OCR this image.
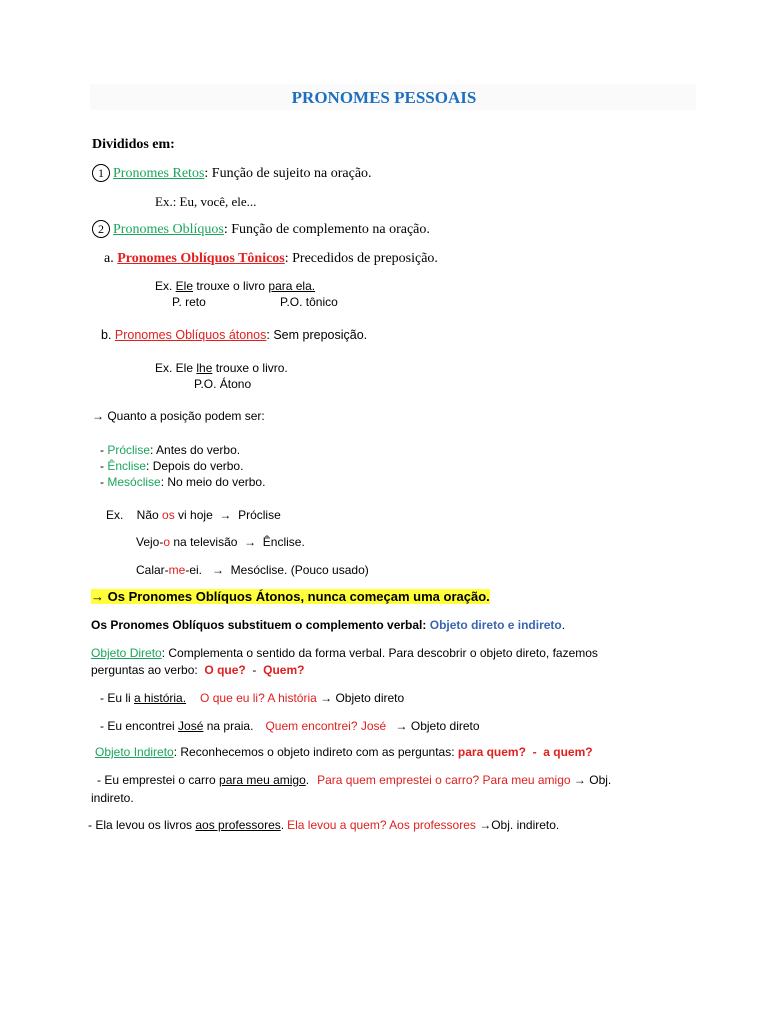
PRONOMES PESSOAIS
Divididos em:
1 Pronomes Retos: Função de sujeito na oração.
Ex.: Eu, você, ele...
2 Pronomes Oblíquos: Função de complemento na oração.
a. Pronomes Oblíquos Tônicos: Precedidos de preposição.
Ex. Ele trouxe o livro para ela.
P. reto	P.O. tônico
b. Pronomes Oblíquos átonos: Sem preposição.
Ex. Ele lhe trouxe o livro.
P.O. Átono
→ Quanto a posição podem ser:
- Próclise: Antes do verbo.
- Ênclise: Depois do verbo.
- Mesóclise: No meio do verbo.
Ex.    Não os vi hoje  →  Próclise
Vejo-o na televisão  →  Ênclise.
Calar-me-ei.   →  Mesóclise. (Pouco usado)
→ Os Pronomes Oblíquos Átonos, nunca começam uma oração.
Os Pronomes Oblíquos substituem o complemento verbal: Objeto direto e indireto.
Objeto Direto: Complementa o sentido da forma verbal. Para descobrir o objeto direto, fazemos
perguntas ao verbo:  O que?  -  Quem?
- Eu li a história. O que eu li? A história → Objeto direto
- Eu encontrei José na praia. Quem encontrei? José → Objeto direto
Objeto Indireto: Reconhecemos o objeto indireto com as perguntas: para quem?  -  a quem?
- Eu emprestei o carro para meu amigo. Para quem emprestei o carro? Para meu amigo → Obj.
indireto.
- Ela levou os livros aos professores. Ela levou a quem? Aos professores →Obj. indireto.
